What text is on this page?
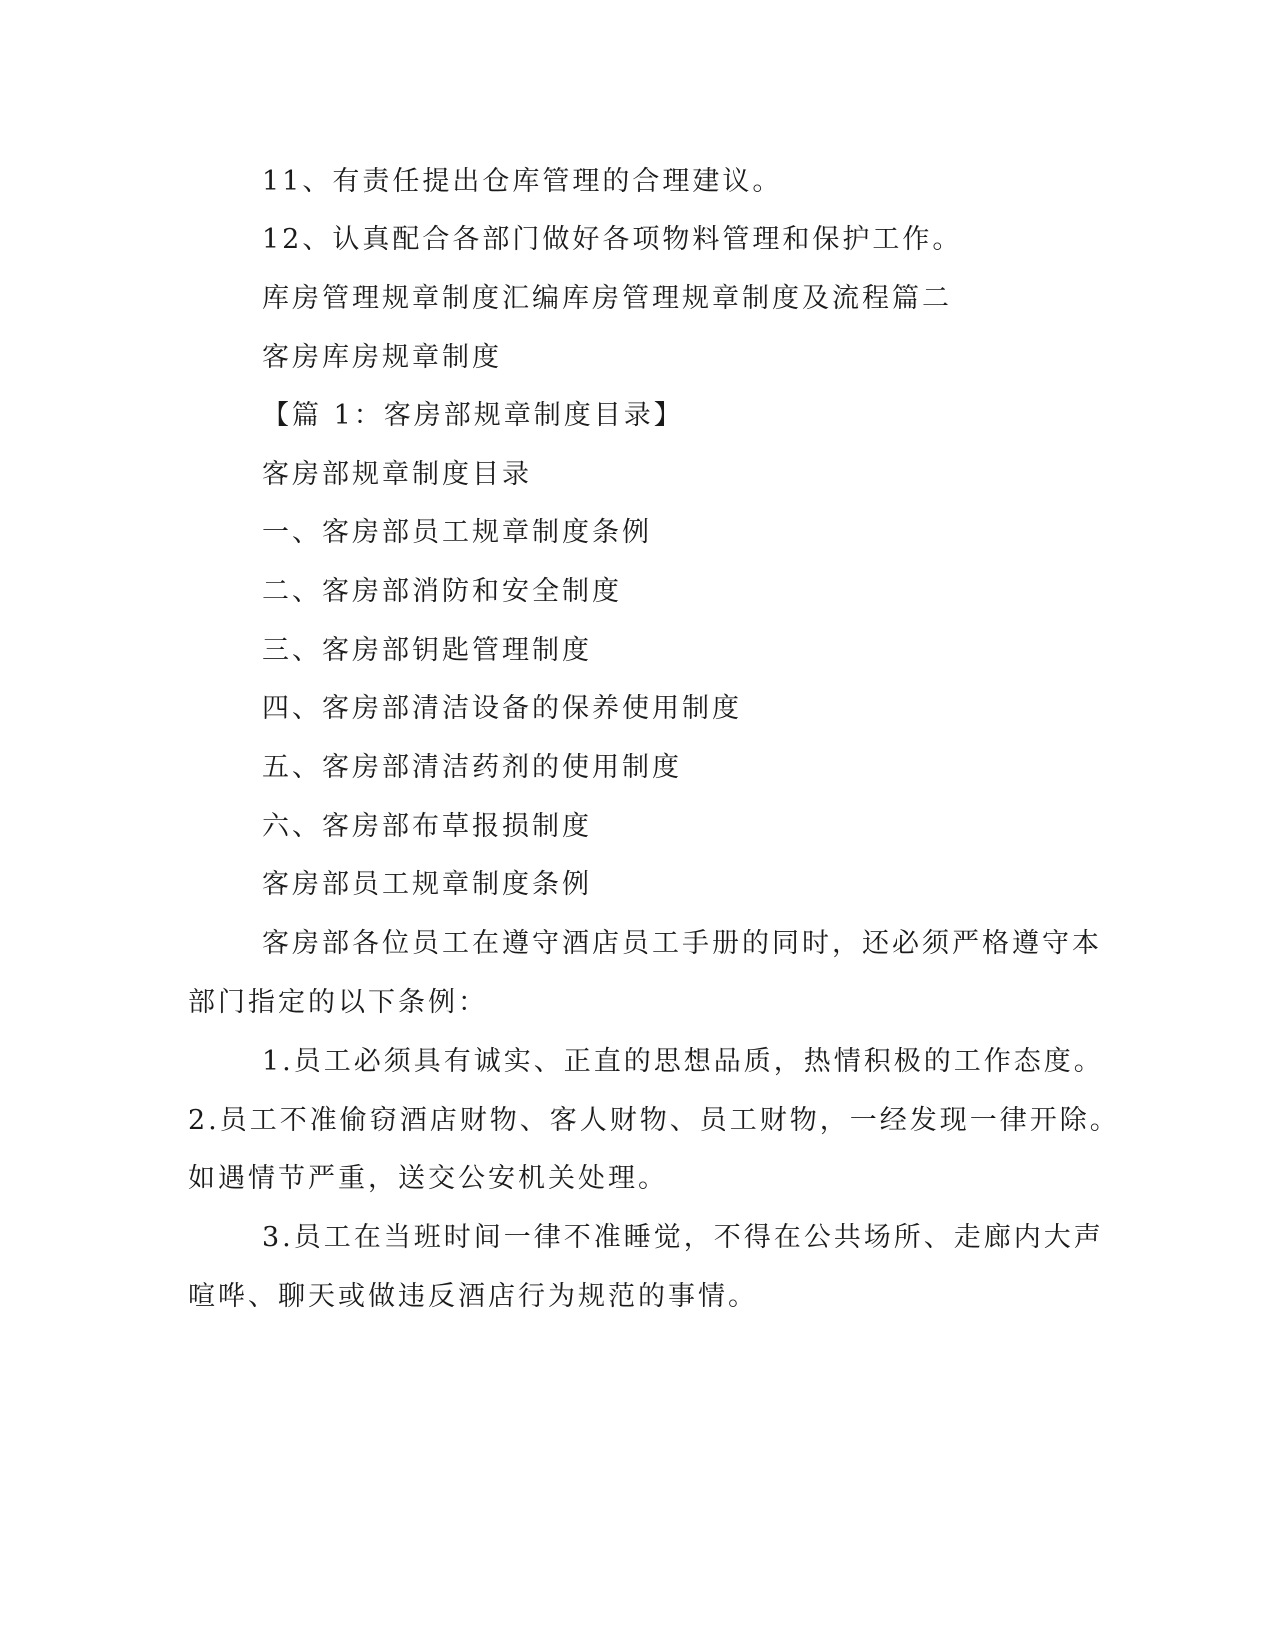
11、有责任提出仓库管理的合理建议。
12、认真配合各部门做好各项物料管理和保护工作。
库房管理规章制度汇编库房管理规章制度及流程篇二
客房库房规章制度
【篇 1：客房部规章制度目录】
客房部规章制度目录
一、客房部员工规章制度条例
二、客房部消防和安全制度
三、客房部钥匙管理制度
四、客房部清洁设备的保养使用制度
五、客房部清洁药剂的使用制度
六、客房部布草报损制度
客房部员工规章制度条例
客房部各位员工在遵守酒店员工手册的同时，还必须严格遵守本
部门指定的以下条例：
1.员工必须具有诚实、正直的思想品质，热情积极的工作态度。
2.员工不准偷窃酒店财物、客人财物、员工财物，一经发现一律开除。
如遇情节严重，送交公安机关处理。
3.员工在当班时间一律不准睡觉，不得在公共场所、走廊内大声
喧哗、聊天或做违反酒店行为规范的事情。
